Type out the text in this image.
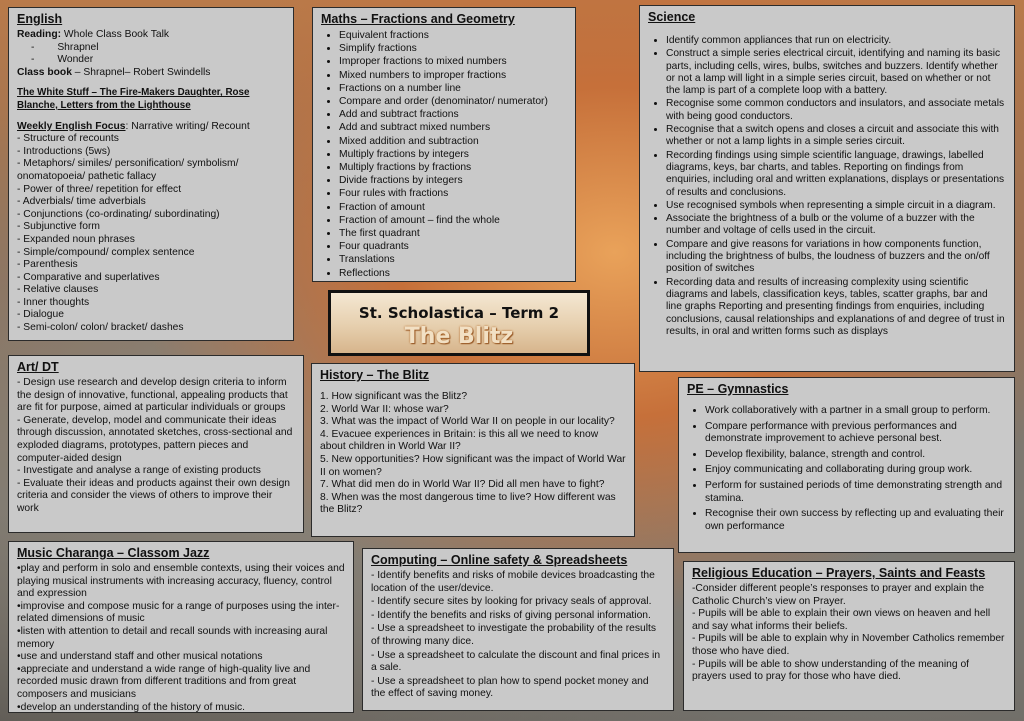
English
Reading: Whole Class Book Talk
-        Shrapnel
-        Wonder
Class book – Shrapnel– Robert Swindells
The White Stuff – The Fire-Makers Daughter, Rose Blanche, Letters from the Lighthouse
Weekly English Focus: Narrative writing/ Recount
- Structure of recounts
- Introductions (5ws)
- Metaphors/ similes/ personification/ symbolism/ onomatopoeia/ pathetic fallacy
- Power of three/ repetition for effect
- Adverbials/ time adverbials
- Conjunctions (co-ordinating/ subordinating)
- Subjunctive form
- Expanded noun phrases
- Simple/compound/ complex sentence
- Parenthesis
- Comparative and superlatives
- Relative clauses
- Inner thoughts
- Dialogue
- Semi-colon/ colon/ bracket/ dashes
Maths – Fractions and Geometry
• Equivalent fractions
• Simplify fractions
• Improper fractions to mixed numbers
• Mixed numbers to improper fractions
• Fractions on a number line
• Compare and order (denominator/ numerator)
• Add and subtract fractions
• Add and subtract mixed numbers
• Mixed addition and subtraction
• Multiply fractions by integers
• Multiply fractions by fractions
• Divide fractions by integers
• Four rules with fractions
• Fraction of amount
• Fraction of amount – find the whole
• The first quadrant
• Four quadrants
• Translations
• Reflections
Science
• Identify common appliances that run on electricity.
• Construct a simple series electrical circuit, identifying and naming its basic parts, including cells, wires, bulbs, switches and buzzers. Identify whether or not a lamp will light in a simple series circuit, based on whether or not the lamp is part of a complete loop with a battery.
• Recognise some common conductors and insulators, and associate metals with being good conductors.
• Recognise that a switch opens and closes a circuit and associate this with whether or not a lamp lights in a simple series circuit.
• Recording findings using simple scientific language, drawings, labelled diagrams, keys, bar charts, and tables. Reporting on findings from enquiries, including oral and written explanations, displays or presentations of results and conclusions.
• Use recognised symbols when representing a simple circuit in a diagram.
• Associate the brightness of a bulb or the volume of a buzzer with the number and voltage of cells used in the circuit.
• Compare and give reasons for variations in how components function, including the brightness of bulbs, the loudness of buzzers and the on/off position of switches
• Recording data and results of increasing complexity using scientific diagrams and labels, classification keys, tables, scatter graphs, bar and line graphs Reporting and presenting findings from enquiries, including conclusions, causal relationships and explanations of and degree of trust in results, in oral and written forms such as displays
St. Scholastica – Term 2
The Blitz
Art/ DT
- Design use research and develop design criteria to inform the design of innovative, functional, appealing products that are fit for purpose, aimed at particular individuals or groups
- Generate, develop, model and communicate their ideas through discussion, annotated sketches, cross-sectional and exploded diagrams, prototypes, pattern pieces and computer-aided design
- Investigate and analyse a range of existing products
- Evaluate their ideas and products against their own design criteria and consider the views of others to improve their work
History – The Blitz
1. How significant was the Blitz?
2. World War II: whose war?
3. What was the impact of World War II on people in our locality?
4. Evacuee experiences in Britain: is this all we need to know about children in World War II?
5. New opportunities? How significant was the impact of World War II on women?
7. What did men do in World War II? Did all men have to fight?
8. When was the most dangerous time to live? How different was the Blitz?
PE – Gymnastics
• Work collaboratively with a partner in a small group to perform.
• Compare performance with previous performances and demonstrate improvement to achieve personal best.
• Develop flexibility, balance, strength and control.
• Enjoy communicating and collaborating during group work.
• Perform for sustained periods of time demonstrating strength and stamina.
• Recognise their own success by reflecting up and evaluating their own performance
Music Charanga – Classom Jazz
•play and perform in solo and ensemble contexts, using their voices and playing musical instruments with increasing accuracy, fluency, control and expression
•improvise and compose music for a range of purposes using the inter-related dimensions of music
•listen with attention to detail and recall sounds with increasing aural memory
•use and understand staff and other musical notations
•appreciate and understand a wide range of high-quality live and recorded music drawn from different traditions and from great composers and musicians
•develop an understanding of the history of music.
Computing – Online safety & Spreadsheets
- Identify benefits and risks of mobile devices broadcasting the location of the user/device.
- Identify secure sites by looking for privacy seals of approval.
- Identify the benefits and risks of giving personal information.
- Use a spreadsheet to investigate the probability of the results of throwing many dice.
- Use a spreadsheet to calculate the discount and final prices in a sale.
- Use a spreadsheet to plan how to spend pocket money and the effect of saving money.
Religious Education – Prayers, Saints and Feasts
-Consider different people’s responses to prayer and explain the Catholic Church’s view on Prayer.
- Pupils will be able to explain their own views on heaven and hell and say what informs their beliefs.
- Pupils will be able to explain why in November Catholics remember those who have died.
- Pupils will be able to show understanding of the meaning of prayers used to pray for those who have died.
